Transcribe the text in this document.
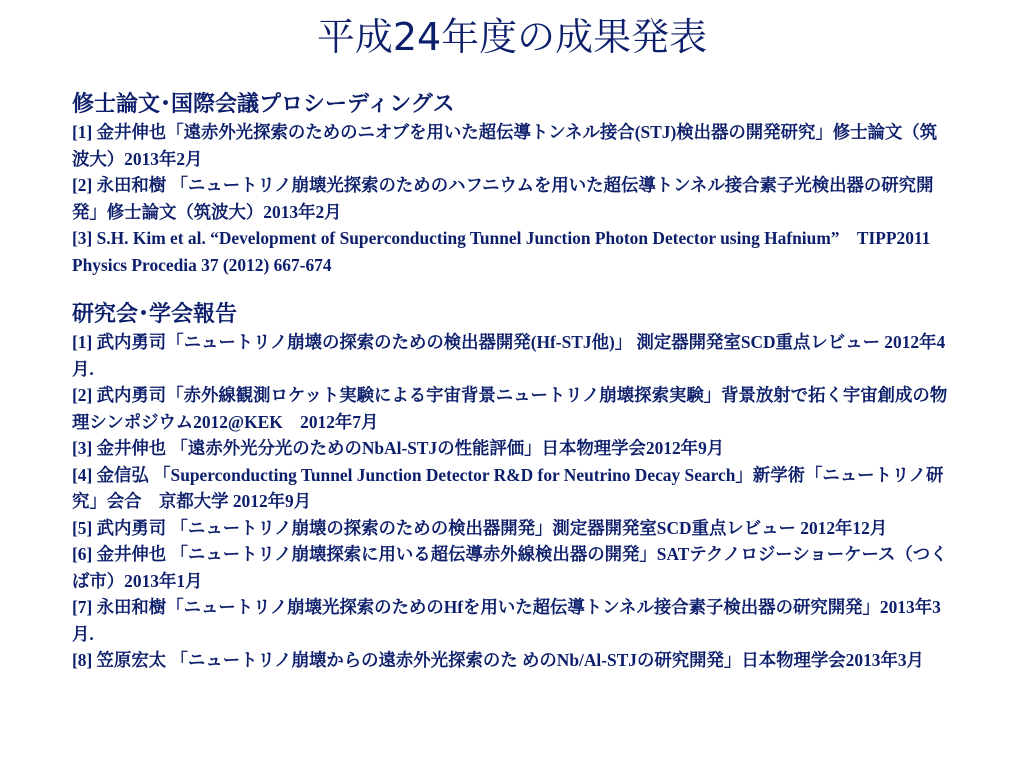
平成24年度の成果発表

修士論文･国際会議プロシーディングス

[1] 金井伸也「遠赤外光探索のためのニオブを用いた超伝導トンネル接合(STJ)検出器の開発研究」修士論文（筑波大）2013年2月

[2] 永田和樹 「ニュートリノ崩壊光探索のためのハフニウムを用いた超伝導トンネル接合素子光検出器の研究開発」修士論文（筑波大）2013年2月

[3] S.H. Kim et al. “Development of Superconducting Tunnel Junction Photon Detector using Hafnium”　TIPP2011　Physics Procedia 37 (2012) 667-674

研究会･学会報告

[1] 武内勇司「ニュートリノ崩壊の探索のための検出器開発(Hf-STJ他)」 測定器開発室SCD重点レビュー 2012年4月.

[2] 武内勇司「赤外線観測ロケット実験による宇宙背景ニュートリノ崩壊探索実験」背景放射で拓く宇宙創成の物理シンポジウム2012@KEK　2012年7月

[3] 金井伸也 「遠赤外光分光のためのNbAl-STJの性能評価」日本物理学会2012年9月

[4] 金信弘 「Superconducting Tunnel Junction Detector R&D for Neutrino Decay Search」新学術「ニュートリノ研究」会合　京都大学 2012年9月

[5] 武内勇司 「ニュートリノ崩壊の探索のための検出器開発」測定器開発室SCD重点レビュー 2012年12月

[6] 金井伸也 「ニュートリノ崩壊探索に用いる超伝導赤外線検出器の開発」SATテクノロジーショーケース（つくば市）2013年1月

[7] 永田和樹「ニュートリノ崩壊光探索のためのHfを用いた超伝導トンネル接合素子検出器の研究開発」2013年3月.

[8] 笠原宏太 「ニュートリノ崩壊からの遠赤外光探索のた めのNb/Al-STJの研究開発」日本物理学会2013年3月
